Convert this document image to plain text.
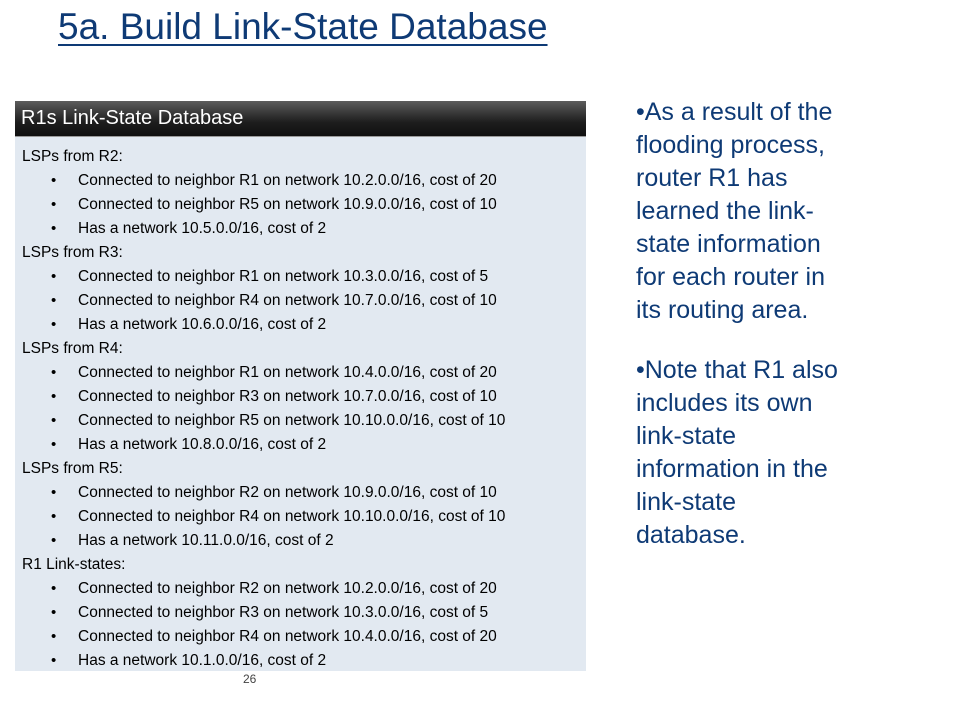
5a. Build Link-State Database
R1s Link-State Database
LSPs from R2:
• Connected to neighbor R1 on network 10.2.0.0/16, cost of 20
• Connected to neighbor R5 on network 10.9.0.0/16, cost of 10
• Has a network 10.5.0.0/16, cost of 2
LSPs from R3:
• Connected to neighbor R1 on network 10.3.0.0/16, cost of 5
• Connected to neighbor R4 on network 10.7.0.0/16, cost of 10
• Has a network 10.6.0.0/16, cost of 2
LSPs from R4:
• Connected to neighbor R1 on network 10.4.0.0/16, cost of 20
• Connected to neighbor R3 on network 10.7.0.0/16, cost of 10
• Connected to neighbor R5 on network 10.10.0.0/16, cost of 10
• Has a network 10.8.0.0/16, cost of 2
LSPs from R5:
• Connected to neighbor R2 on network 10.9.0.0/16, cost of 10
• Connected to neighbor R4 on network 10.10.0.0/16, cost of 10
• Has a network 10.11.0.0/16, cost of 2
R1 Link-states:
• Connected to neighbor R2 on network 10.2.0.0/16, cost of 20
• Connected to neighbor R3 on network 10.3.0.0/16, cost of 5
• Connected to neighbor R4 on network 10.4.0.0/16, cost of 20
• Has a network 10.1.0.0/16, cost of 2
•As a result of the
flooding process,
router R1 has
learned the link-
state information
for each router in
its routing area.
•Note that R1 also
includes its own
link-state
information in the
link-state
database.
26
